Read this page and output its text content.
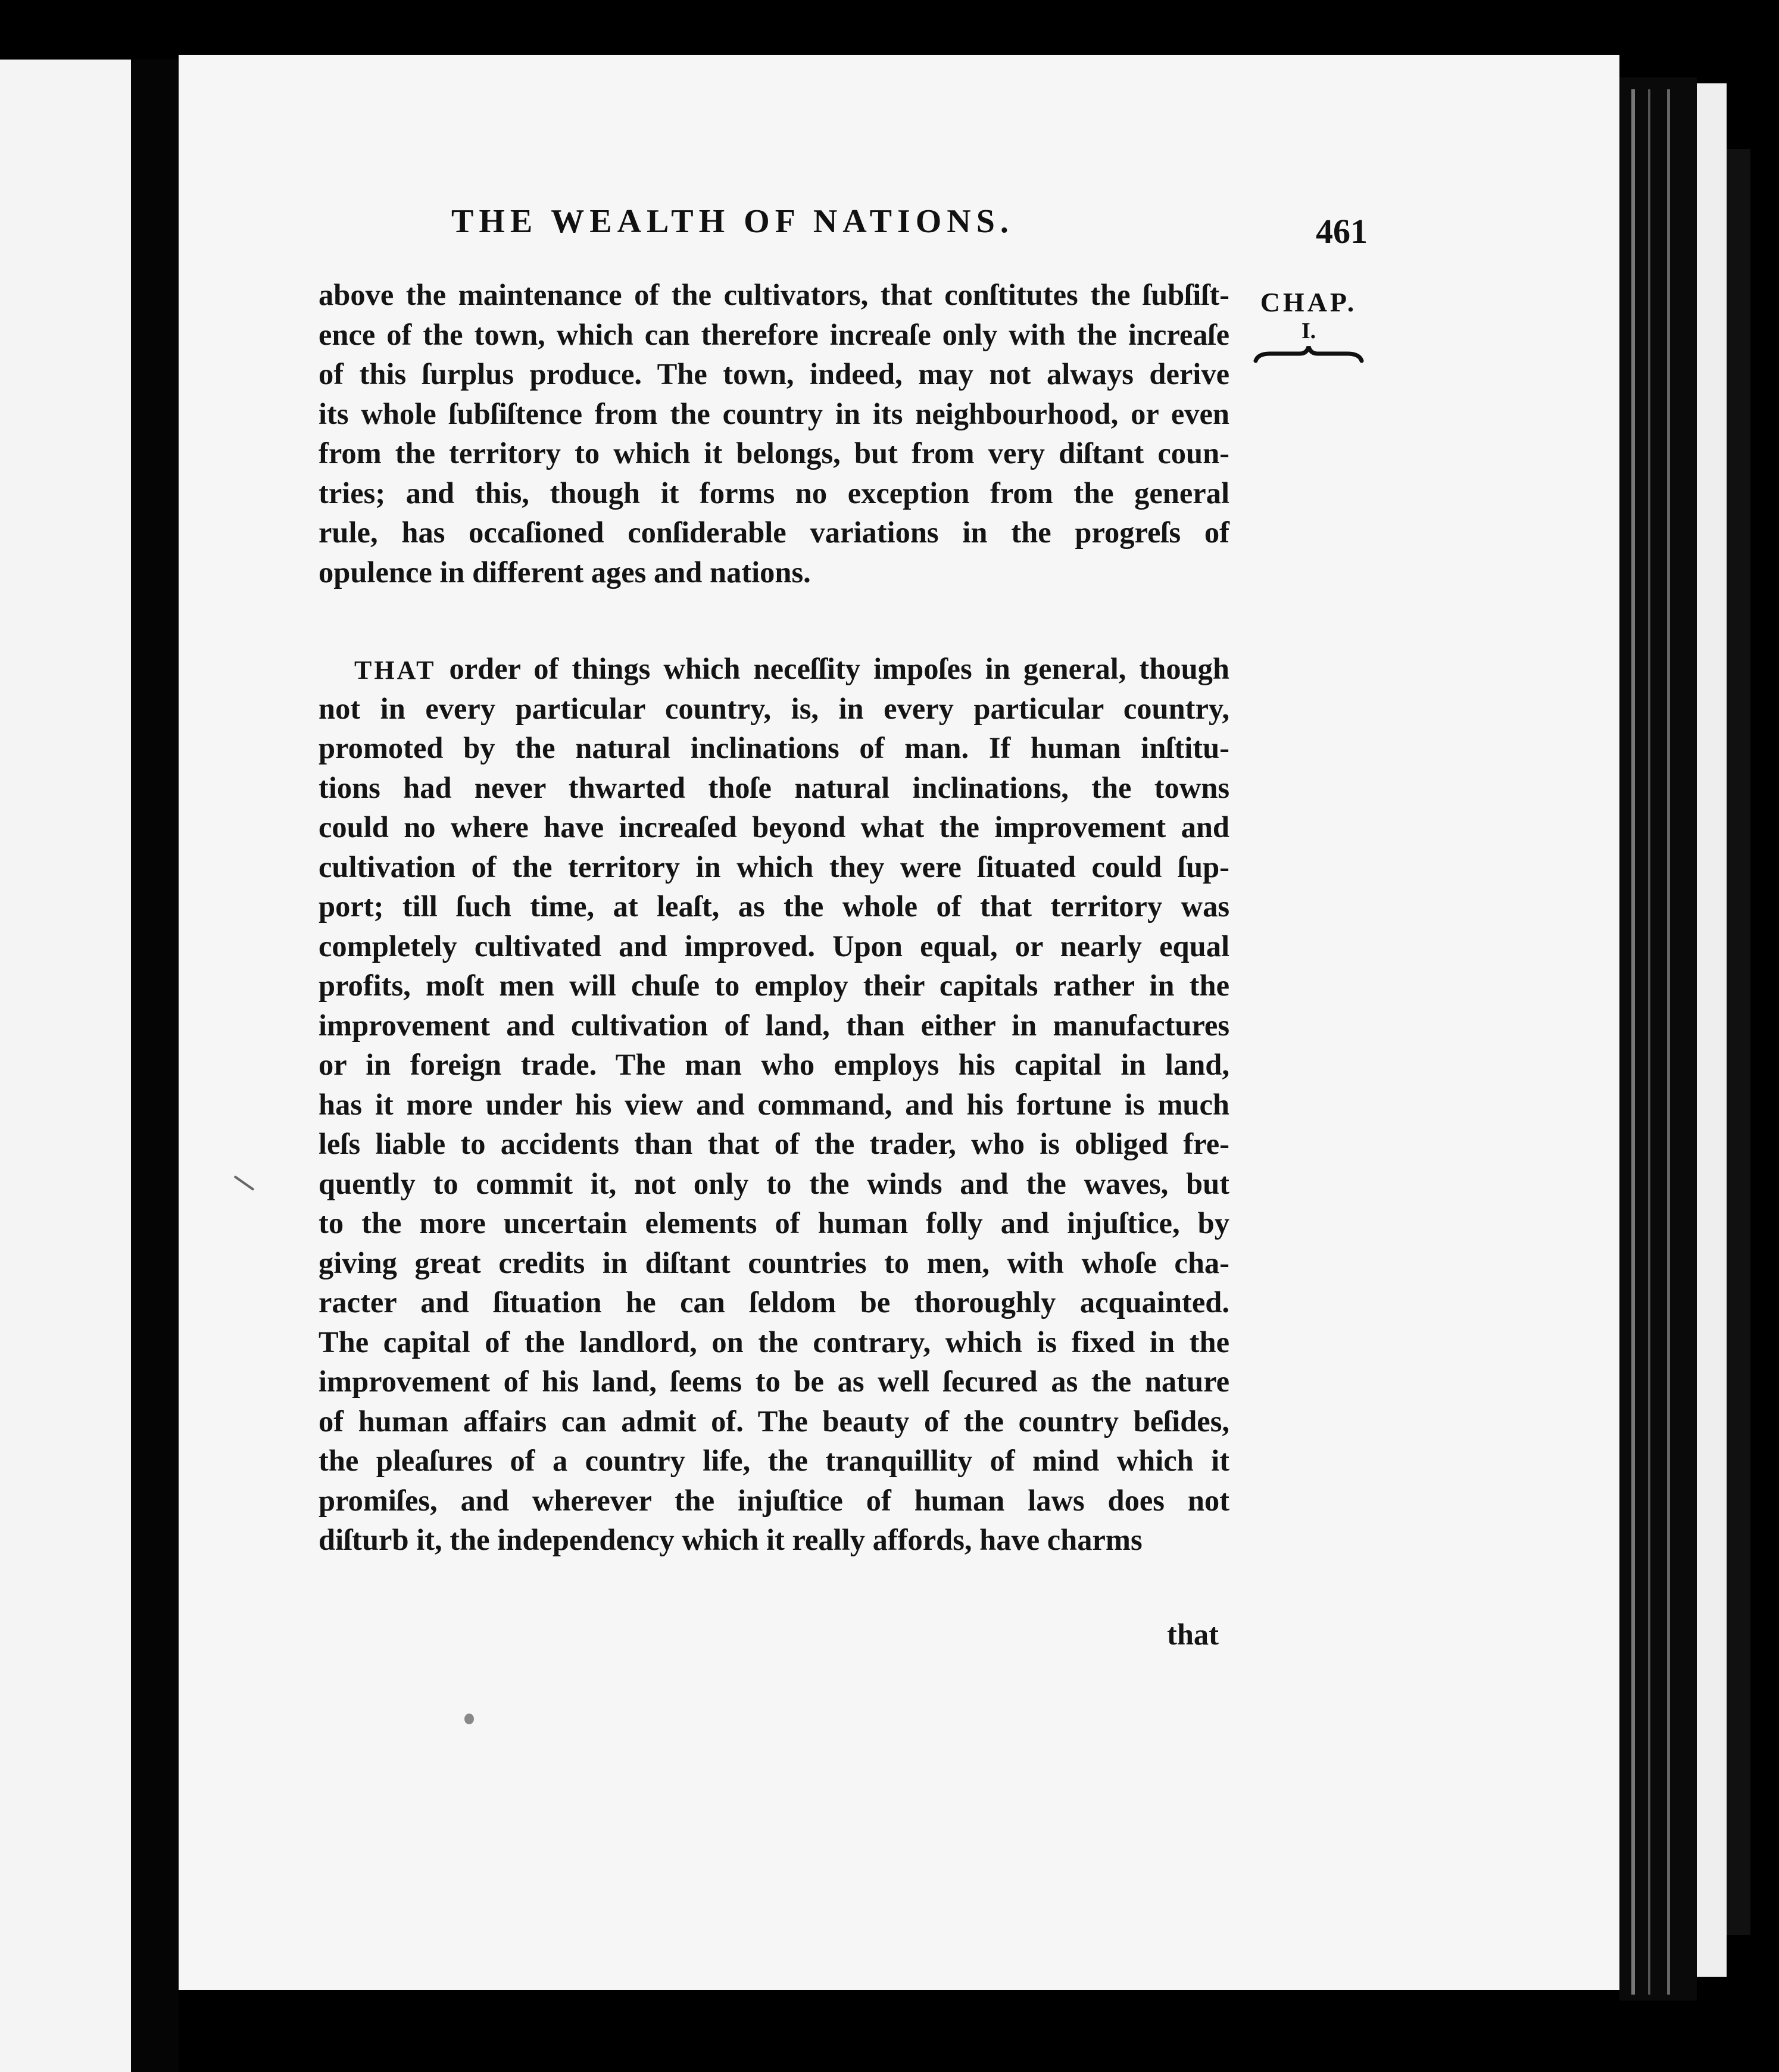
THE WEALTH OF NATIONS.	461
CHAP.
I.
above the maintenance of the cultivators, that conſtitutes the ſubſiſt-
ence of the town, which can therefore increaſe only with the increaſe
of this ſurplus produce. The town, indeed, may not always derive
its whole ſubſiſtence from the country in its neighbourhood, or even
from the territory to which it belongs, but from very diſtant coun-
tries; and this, though it forms no exception from the general
rule, has occaſioned conſiderable variations in the progreſs of
opulence in different ages and nations.
THAT order of things which neceſſity impoſes in general, though
not in every particular country, is, in every particular country,
promoted by the natural inclinations of man. If human inſtitu-
tions had never thwarted thoſe natural inclinations, the towns
could no where have increaſed beyond what the improvement and
cultivation of the territory in which they were ſituated could ſup-
port; till ſuch time, at leaſt, as the whole of that territory was
completely cultivated and improved. Upon equal, or nearly equal
profits, moſt men will chuſe to employ their capitals rather in the
improvement and cultivation of land, than either in manufactures
or in foreign trade. The man who employs his capital in land,
has it more under his view and command, and his fortune is much
leſs liable to accidents than that of the trader, who is obliged fre-
quently to commit it, not only to the winds and the waves, but
to the more uncertain elements of human folly and injuſtice, by
giving great credits in diſtant countries to men, with whoſe cha-
racter and ſituation he can ſeldom be thoroughly acquainted.
The capital of the landlord, on the contrary, which is fixed in the
improvement of his land, ſeems to be as well ſecured as the nature
of human affairs can admit of. The beauty of the country beſides,
the pleaſures of a country life, the tranquillity of mind which it
promiſes, and wherever the injuſtice of human laws does not
diſturb it, the independency which it really affords, have charms
that
